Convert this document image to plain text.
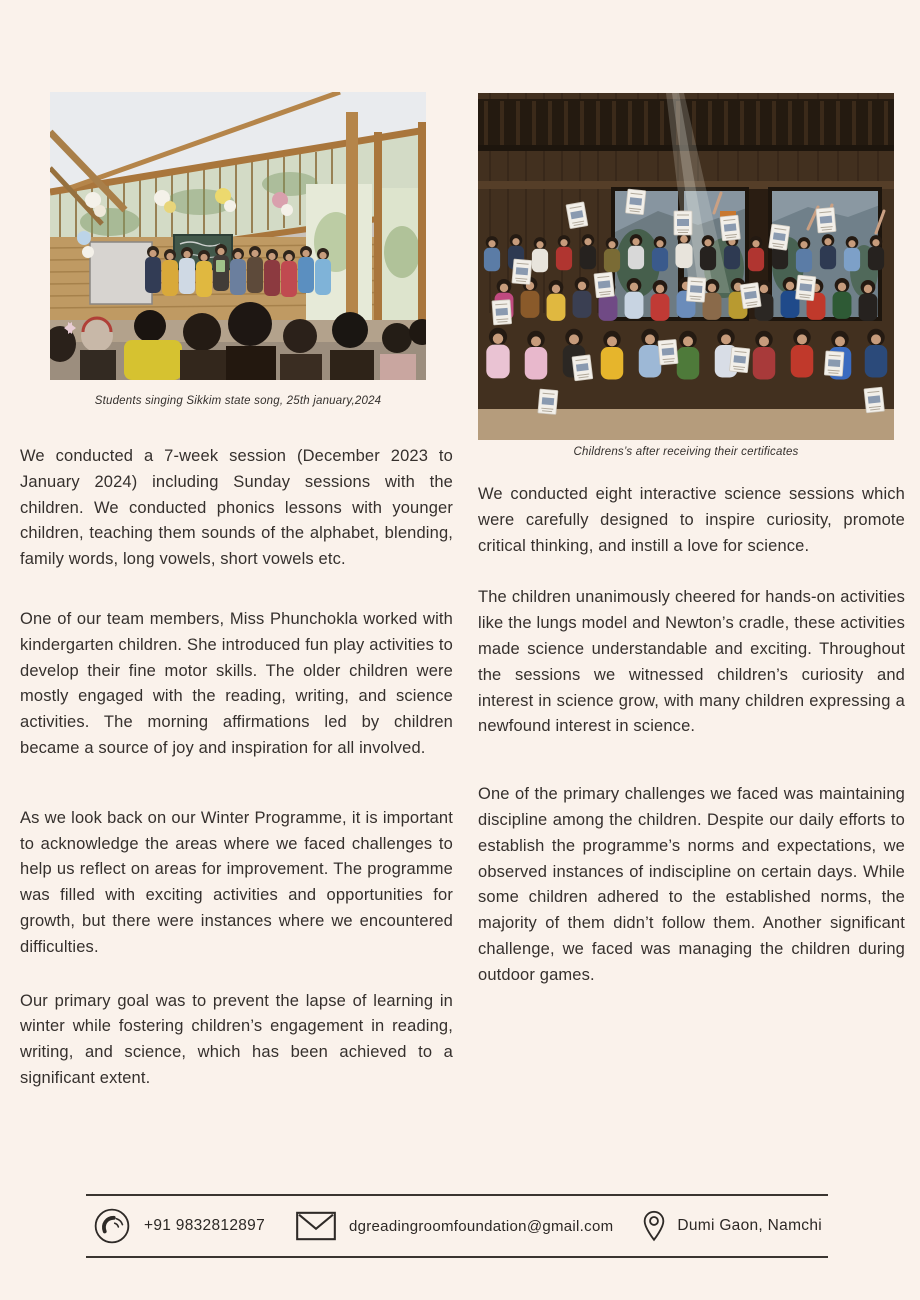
Students singing Sikkim state song, 25th january,2024
Childrens’s after receiving their certificates

We conducted a 7-week session (December 2023 to January 2024) including Sunday sessions with the children. We conducted phonics lessons with younger children, teaching them sounds of the alphabet, blending, family words, long vowels, short vowels etc.

One of our team members, Miss Phunchokla worked with kindergarten children. She introduced fun play activities to develop their fine motor skills. The older children were mostly engaged with the reading, writing, and science activities. The morning affirmations led by children became a source of joy and inspiration for all involved.

As we look back on our Winter Programme, it is important to acknowledge the areas where we faced challenges to help us reflect on areas for improvement. The programme was filled with exciting activities and opportunities for growth, but there were instances where we encountered difficulties.

Our primary goal was to prevent the lapse of learning in winter while fostering children’s engagement in reading, writing, and science, which has been achieved to a significant extent.

We conducted eight interactive science sessions which were carefully designed to inspire curiosity, promote critical thinking, and instill a love for science.

The children unanimously cheered for hands-on activities like the lungs model and Newton’s cradle, these activities made science understandable and exciting. Throughout the sessions we witnessed children’s curiosity and interest in science grow, with many children expressing a newfound interest in science.

One of the primary challenges we faced was maintaining discipline among the children. Despite our daily efforts to establish the programme’s norms and expectations, we observed instances of indiscipline on certain days. While some children adhered to the established norms, the majority of them didn’t follow them. Another significant challenge, we faced was managing the children during outdoor games.

+91 9832812897	dgreadingroomfoundation@gmail.com	Dumi Gaon, Namchi
